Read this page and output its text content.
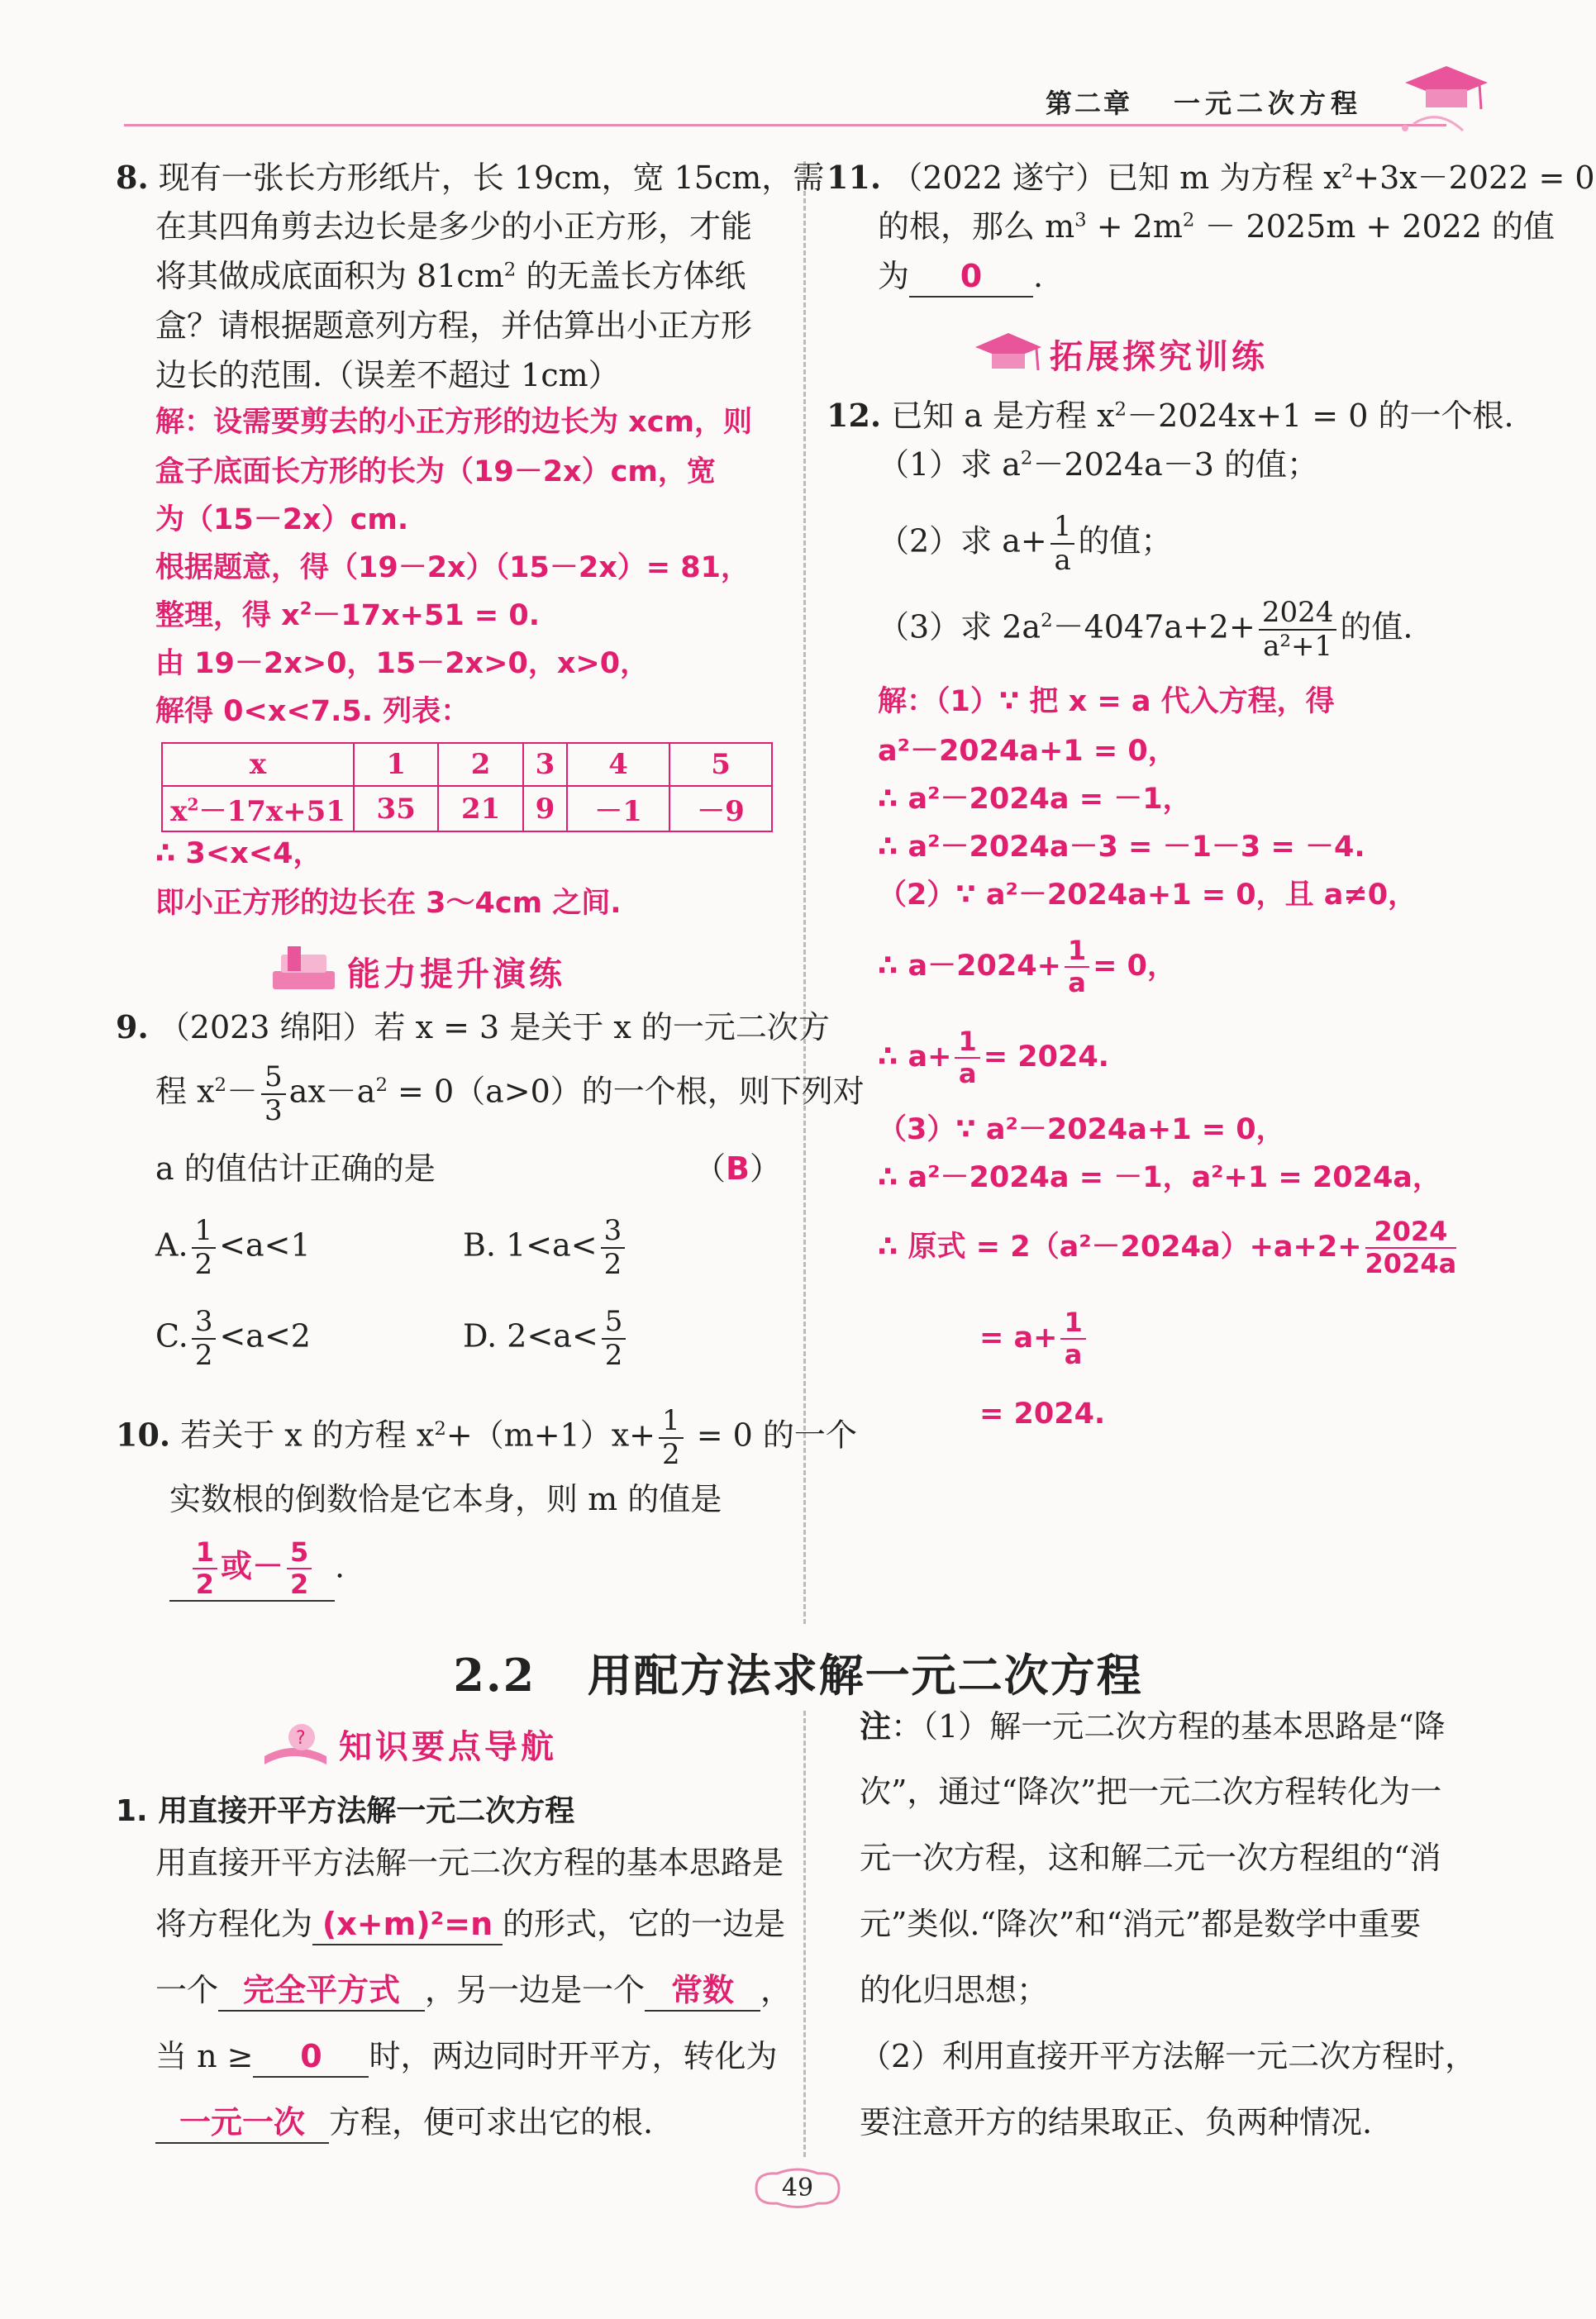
第二章 一元二次方程
8. 现有一张长方形纸片，长 19cm，宽 15cm，需
在其四角剪去边长是多少的小正方形，才能
将其做成底面积为 $81cm^2$ 的无盖长方体纸
盒？请根据题意列方程，并估算出小正方形
边长的范围.（误差不超过 1cm）
解：设需要剪去的小正方形的边长为 xcm，则
盒子底面长方形的长为（19－2x）cm，宽
为（15－2x）cm.
根据题意，得（19－2x）（15－2x）= 81，
整理，得 $x^2-17x+51 = 0$.
由 19－2x>0，15－2x>0，x>0，
解得 0<x<7.5. 列表：
x	1	2	3	4	5
$x^2-17x+51$	35	21	9	－1	－9
∴ 3<x<4，
即小正方形的边长在 3～4cm 之间.
能力提升演练
9. （2023 绵阳）若 x = 3 是关于 x 的一元二次方
程 $x^2- \frac{5}{3} ax-a^2 = 0(a>0)$的一个根，则下列对
a 的值估计正确的是	（B）
A. $\frac{1}{2} <a<1$	B. $1<a< \frac{3}{2}$
C. $\frac{3}{2} <a<2$	D. $2<a< \frac{5}{2}$
10. 若关于 x 的方程 $x^2+(m+1)x+ \frac{1}{2} = 0$ 的一个
实数根的倒数恰是它本身，则 m 的值是
$\frac{1}{2}$ 或－ $\frac{5}{2}$ .
11. （2022 遂宁）已知 m 为方程 $x^2+3x-2022 = 0$
的根，那么 $m^3 + 2m^2 - 2025m + 2022$ 的值
为 0 .
拓展探究训练
12. 已知 a 是方程 $x^2-2024x+1 = 0$ 的一个根.
（1）求 $a^2-2024a-3$ 的值；
（2）求 $a+ \frac{1}{a}$ 的值；
（3）求 $2a^2-4047a+2+ \frac{2024}{\text{a²+1}}$ 的值.
解：（1）∵ 把 x = a 代入方程，得
a²－2024a+1 = 0，
∴ a²－2024a = －1，
∴ a²－2024a－3 = －1－3 = －4.
（2）∵ a²－2024a+1 = 0，且 a≠0，
∴ $a-2024+ \frac{1}{a} = 0$，
∴ $a+ \frac{1}{a} = 2024$.
（3）∵ a²－2024a+1 = 0，
∴ a²－2024a = －1，a²+1 = 2024a，
∴ 原式 = $2(a^2-2024a)+a+2+ \frac{2024}{2024a}$
= $a+ \frac{1}{a}$
= 2024.
2.2 用配方法求解一元二次方程
? 知识要点导航
1. 用直接开平方法解一元二次方程
用直接开平方法解一元二次方程的基本思路是
将方程化为 (x+m)²=n 的形式，它的一边是
一个 完全平方式 ，另一边是一个 常数 ，
当 n ≥ 0 时，两边同时开平方，转化为
一元一次 方程，便可求出它的根.
注：（1）解一元二次方程的基本思路是“降
次”，通过“降次”把一元二次方程转化为一
元一次方程，这和解二元一次方程组的“消
元”类似.“降次”和“消元”都是数学中重要
的化归思想；
（2）利用直接开平方法解一元二次方程时，
要注意开方的结果取正、负两种情况.
49
